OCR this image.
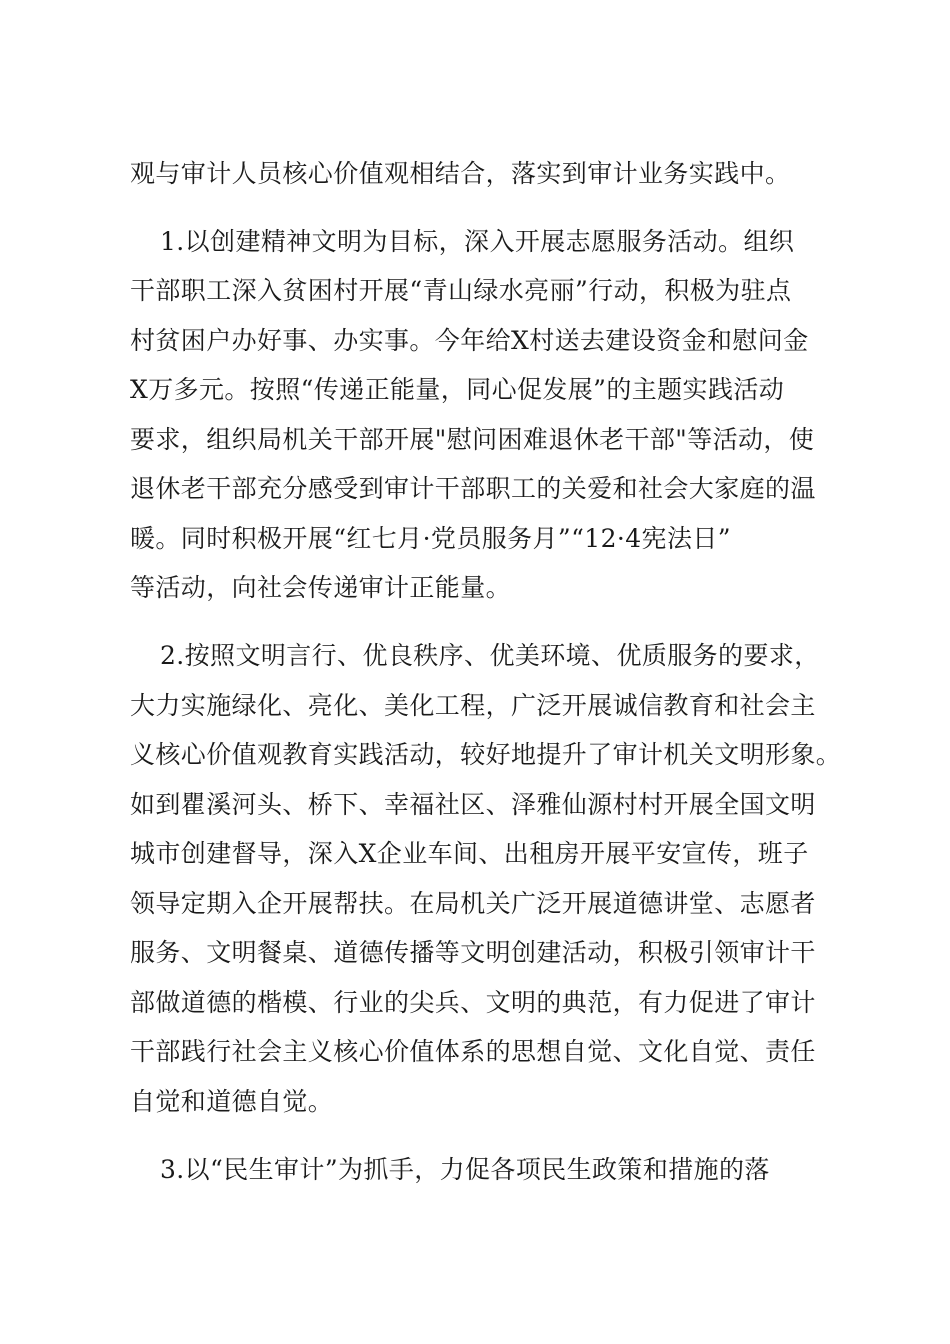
观与审计人员核心价值观相结合，落实到审计业务实践中。
1.以创建精神文明为目标，深入开展志愿服务活动。组织
干部职工深入贫困村开展“青山绿水亮丽”行动，积极为驻点
村贫困户办好事、办实事。今年给X村送去建设资金和慰问金
X万多元。按照“传递正能量，同心促发展”的主题实践活动
要求，组织局机关干部开展"慰问困难退休老干部"等活动，使
退休老干部充分感受到审计干部职工的关爱和社会大家庭的温
暖。同时积极开展“红七月·党员服务月”“12·4宪法日”
等活动，向社会传递审计正能量。
2.按照文明言行、优良秩序、优美环境、优质服务的要求，
大力实施绿化、亮化、美化工程，广泛开展诚信教育和社会主
义核心价值观教育实践活动，较好地提升了审计机关文明形象。
如到瞿溪河头、桥下、幸福社区、泽雅仙源村村开展全国文明
城市创建督导，深入X企业车间、出租房开展平安宣传，班子
领导定期入企开展帮扶。在局机关广泛开展道德讲堂、志愿者
服务、文明餐桌、道德传播等文明创建活动，积极引领审计干
部做道德的楷模、行业的尖兵、文明的典范，有力促进了审计
干部践行社会主义核心价值体系的思想自觉、文化自觉、责任
自觉和道德自觉。
3.以“民生审计”为抓手，力促各项民生政策和措施的落
